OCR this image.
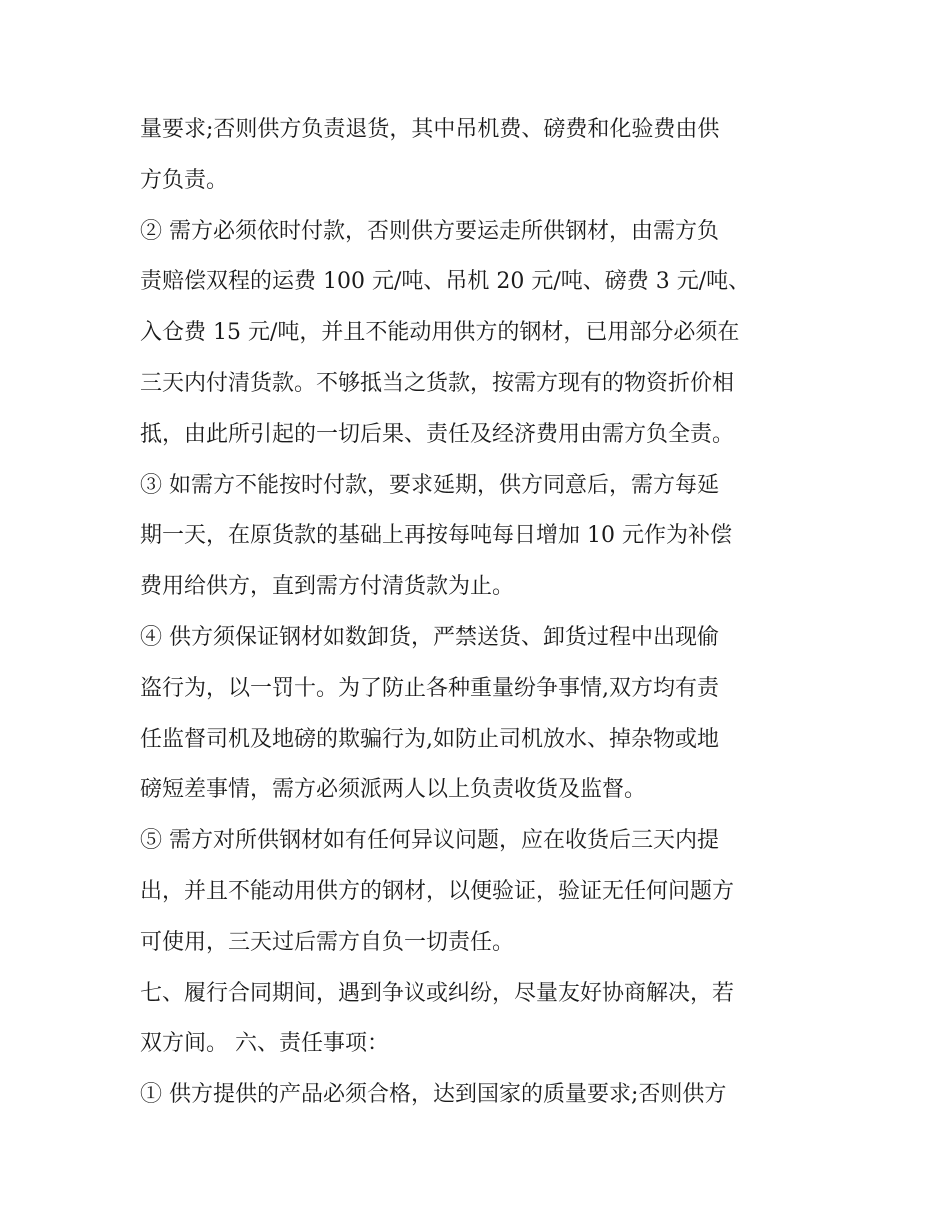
量要求;否则供方负责退货，其中吊机费、磅费和化验费由供
方负责。
② 需方必须依时付款，否则供方要运走所供钢材，由需方负
责赔偿双程的运费 100 元/吨、吊机 20 元/吨、磅费 3 元/吨、
入仓费 15 元/吨，并且不能动用供方的钢材，已用部分必须在
三天内付清货款。不够抵当之货款，按需方现有的物资折价相
抵，由此所引起的一切后果、责任及经济费用由需方负全责。
③ 如需方不能按时付款，要求延期，供方同意后，需方每延
期一天，在原货款的基础上再按每吨每日增加 10 元作为补偿
费用给供方，直到需方付清货款为止。
④ 供方须保证钢材如数卸货，严禁送货、卸货过程中出现偷
盗行为，以一罚十。为了防止各种重量纷争事情,双方均有责
任监督司机及地磅的欺骗行为,如防止司机放水、掉杂物或地
磅短差事情，需方必须派两人以上负责收货及监督。
⑤ 需方对所供钢材如有任何异议问题，应在收货后三天内提
出，并且不能动用供方的钢材，以便验证，验证无任何问题方
可使用，三天过后需方自负一切责任。
七、履行合同期间，遇到争议或纠纷，尽量友好协商解决，若
双方间。 六、责任事项：
① 供方提供的产品必须合格，达到国家的质量要求;否则供方
